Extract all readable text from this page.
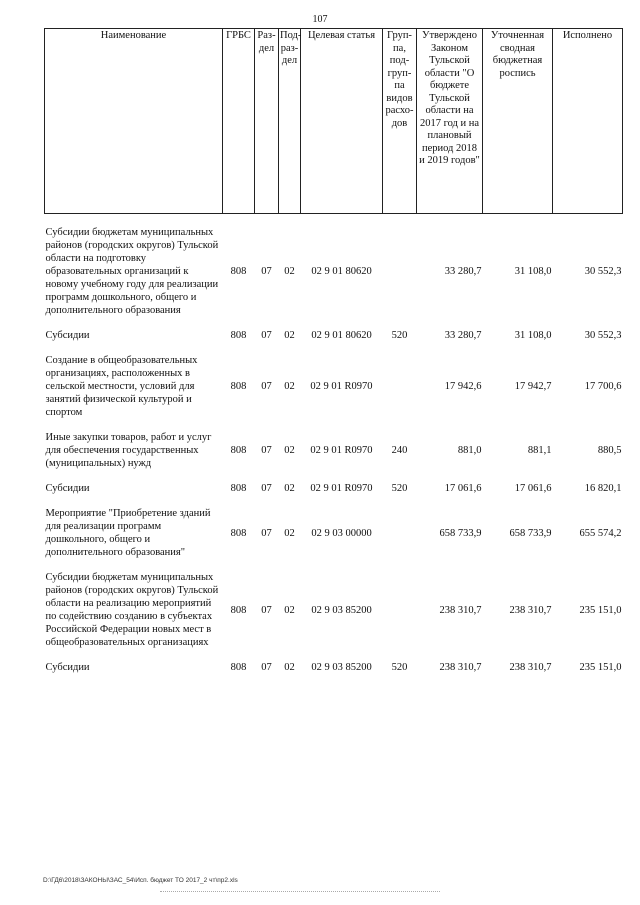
107
Наименование	ГРБС	Раз-дел	Под-раз-дел	Целевая статья	Груп-па, под-груп-па видов расхо-дов	Утверждено Законом Тульской области "О бюджете Тульской области на 2017 год и на плановый период 2018 и 2019 годов"	Уточненная сводная бюджетная роспись	Исполнено

Субсидии бюджетам муниципальных районов (городских округов) Тульской области на подготовку образовательных организаций к новому учебному году для реализации программ дошкольного, общего и дополнительного образования	808	07	02	02 9 01 80620		33 280,7	31 108,0	30 552,3

Субсидии	808	07	02	02 9 01 80620	520	33 280,7	31 108,0	30 552,3

Создание в общеобразовательных организациях, расположенных в сельской местности, условий для занятий физической культурой и спортом	808	07	02	02 9 01 R0970		17 942,6	17 942,7	17 700,6

Иные закупки товаров, работ и услуг для обеспечения государственных (муниципальных) нужд	808	07	02	02 9 01 R0970	240	881,0	881,1	880,5

Субсидии	808	07	02	02 9 01 R0970	520	17 061,6	17 061,6	16 820,1

Мероприятие "Приобретение зданий для реализации программ дошкольного, общего и дополнительного образования"	808	07	02	02 9 03 00000		658 733,9	658 733,9	655 574,2

Субсидии бюджетам муниципальных районов (городских округов) Тульской области на реализацию мероприятий по содействию созданию в субъектах Российской Федерации новых мест в общеобразовательных организациях	808	07	02	02 9 03 85200		238 310,7	238 310,7	235 151,0

Субсидии	808	07	02	02 9 03 85200	520	238 310,7	238 310,7	235 151,0
D:\ГД6\2018\ЗАКОНЫ\ЗАС_54\Исп. бюджет ТО 2017_2 чт\пр2.xls
